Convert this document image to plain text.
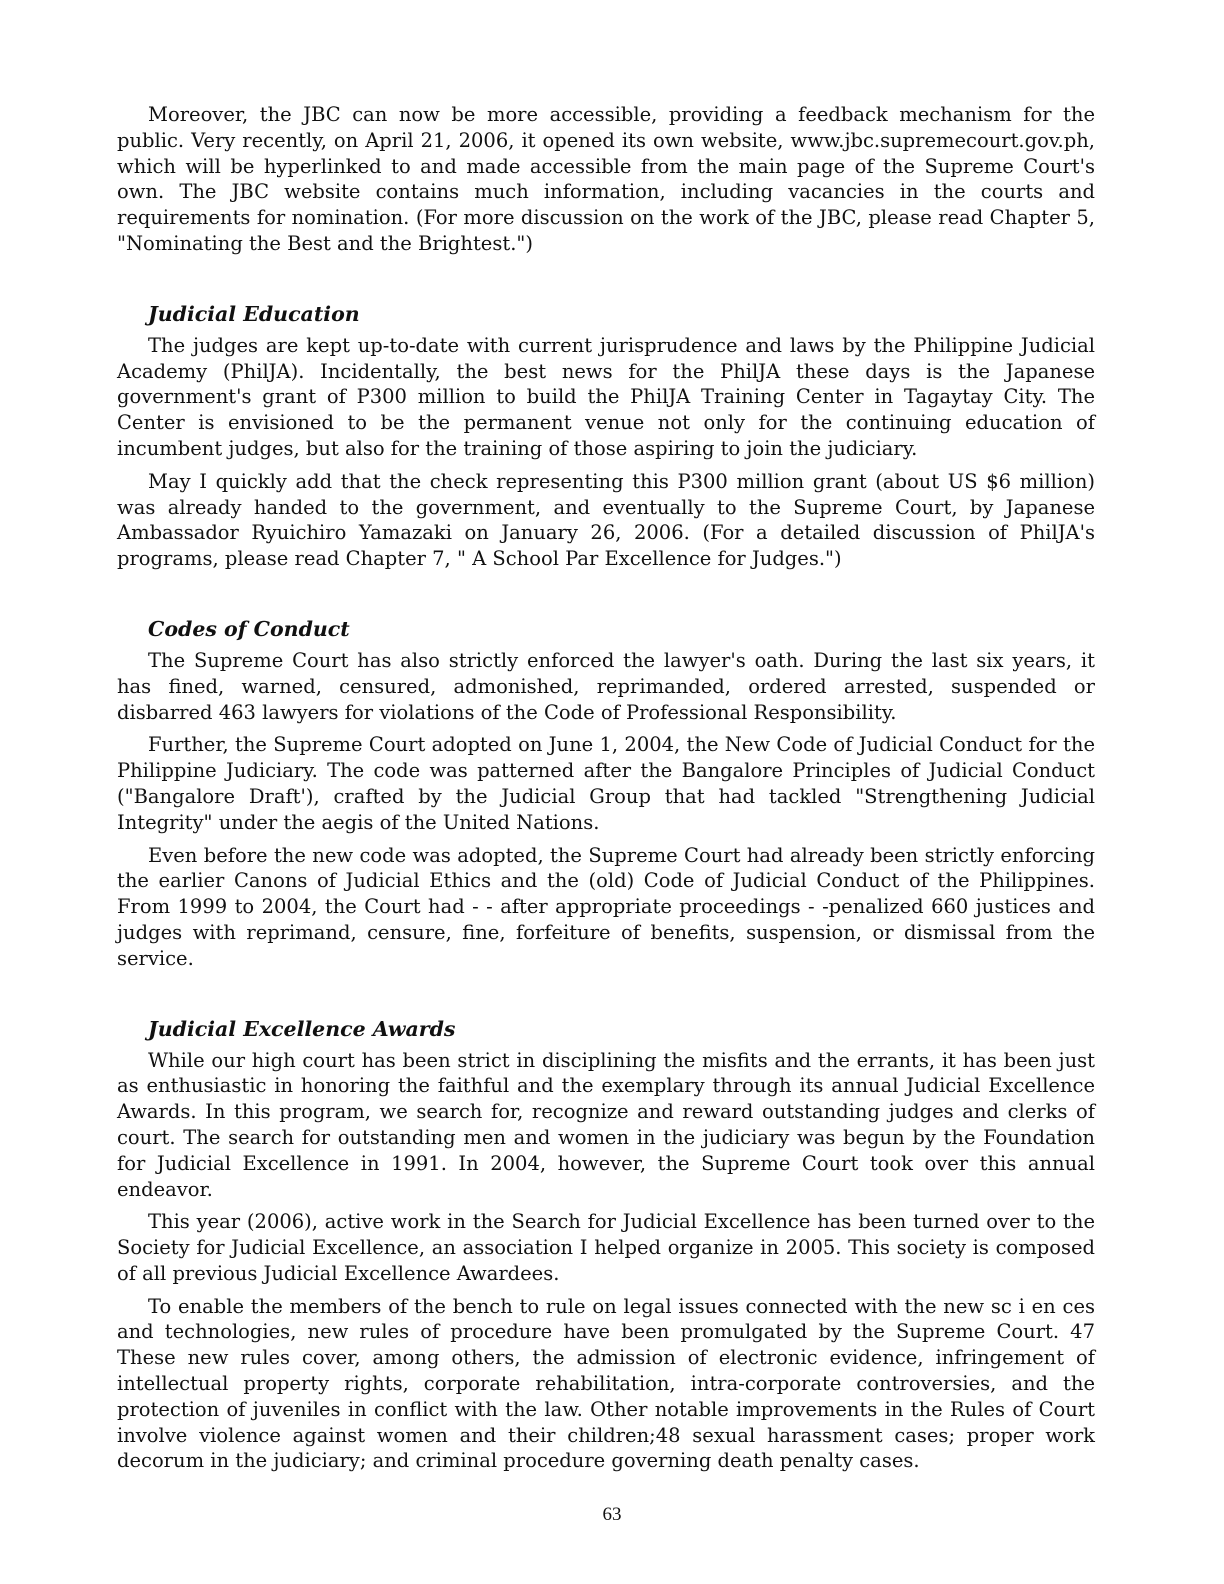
Moreover, the JBC can now be more accessible, providing a feedback mechanism for the public. Very recently, on April 21, 2006, it opened its own website, www.jbc.supremecourt.gov.ph, which will be hyperlinked to and made accessible from the main page of the Supreme Court's own. The JBC website contains much information, including vacancies in the courts and requirements for nomination. (For more discussion on the work of the JBC, please read Chapter 5, "Nominating the Best and the Brightest.")

Judicial Education

The judges are kept up-to-date with current jurisprudence and laws by the Philippine Judicial Academy (PhilJA). Incidentally, the best news for the PhilJA these days is the Japanese government's grant of P300 million to build the PhilJA Training Center in Tagaytay City. The Center is envisioned to be the permanent venue not only for the continuing education of incumbent judges, but also for the training of those aspiring to join the judiciary.

May I quickly add that the check representing this P300 million grant (about US $6 million) was already handed to the government, and eventually to the Supreme Court, by Japanese Ambassador Ryuichiro Yamazaki on January 26, 2006. (For a detailed discussion of PhilJA's programs, please read Chapter 7, " A School Par Excellence for Judges.")

Codes of Conduct

The Supreme Court has also strictly enforced the lawyer's oath. During the last six years, it has fined, warned, censured, admonished, reprimanded, ordered arrested, suspended or disbarred 463 lawyers for violations of the Code of Professional Responsibility.

Further, the Supreme Court adopted on June 1, 2004, the New Code of Judicial Conduct for the Philippine Judiciary. The code was patterned after the Bangalore Principles of Judicial Conduct ("Bangalore Draft'), crafted by the Judicial Group that had tackled "Strengthening Judicial Integrity" under the aegis of the United Nations.

Even before the new code was adopted, the Supreme Court had already been strictly enforcing the earlier Canons of Judicial Ethics and the (old) Code of Judicial Conduct of the Philippines. From 1999 to 2004, the Court had - - after appropriate proceedings - -penalized 660 justices and judges with reprimand, censure, fine, forfeiture of benefits, suspension, or dismissal from the service.

Judicial Excellence Awards

While our high court has been strict in disciplining the misfits and the errants, it has been just as enthusiastic in honoring the faithful and the exemplary through its annual Judicial Excellence Awards. In this program, we search for, recognize and reward outstanding judges and clerks of court. The search for outstanding men and women in the judiciary was begun by the Foundation for Judicial Excellence in 1991. In 2004, however, the Supreme Court took over this annual endeavor.

This year (2006), active work in the Search for Judicial Excellence has been turned over to the Society for Judicial Excellence, an association I helped organize in 2005. This society is composed of all previous Judicial Excellence Awardees.

To enable the members of the bench to rule on legal issues connected with the new sc i en ces and technologies, new rules of procedure have been promulgated by the Supreme Court. 47 These new rules cover, among others, the admission of electronic evidence, infringement of intellectual property rights, corporate rehabilitation, intra-corporate controversies, and the protection of juveniles in conflict with the law. Other notable improvements in the Rules of Court involve violence against women and their children;48 sexual harassment cases; proper work decorum in the judiciary; and criminal procedure governing death penalty cases.

63
